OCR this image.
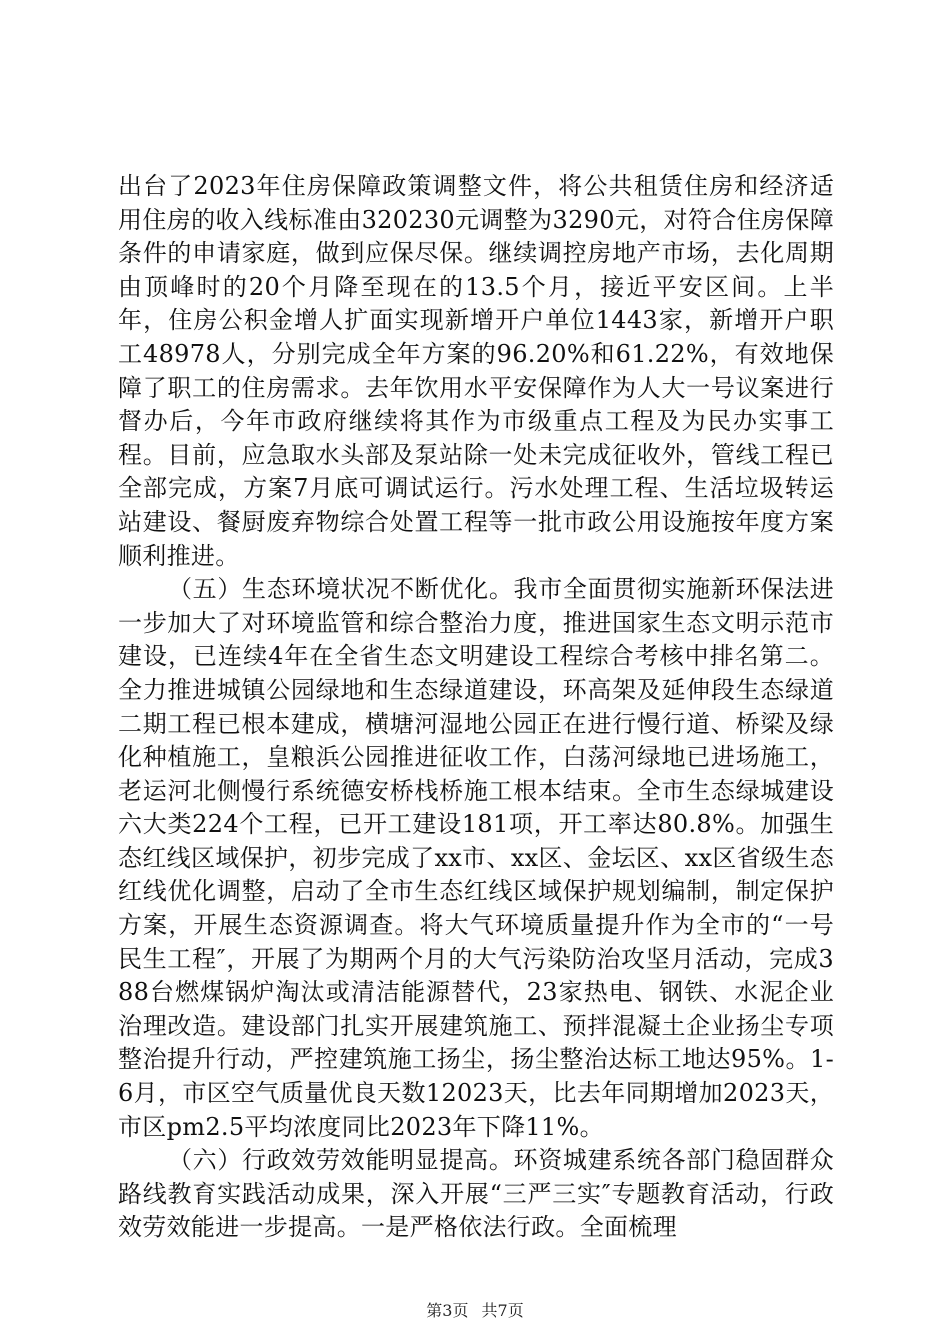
出台了2023年住房保障政策调整文件，将公共租赁住房和经济适用住房的收入线标准由320230元调整为3290元，对符合住房保障条件的申请家庭，做到应保尽保。继续调控房地产市场，去化周期由顶峰时的20个月降至现在的13.5个月，接近平安区间。上半年，住房公积金增人扩面实现新增开户单位1443家，新增开户职工48978人，分别完成全年方案的96.20%和61.22%，有效地保障了职工的住房需求。去年饮用水平安保障作为人大一号议案进行督办后，今年市政府继续将其作为市级重点工程及为民办实事工程。目前，应急取水头部及泵站除一处未完成征收外，管线工程已全部完成，方案7月底可调试运行。污水处理工程、生活垃圾转运站建设、餐厨废弃物综合处置工程等一批市政公用设施按年度方案顺利推进。

（五）生态环境状况不断优化。我市全面贯彻实施新环保法进一步加大了对环境监管和综合整治力度，推进国家生态文明示范市建设，已连续4年在全省生态文明建设工程综合考核中排名第二。全力推进城镇公园绿地和生态绿道建设，环高架及延伸段生态绿道二期工程已根本建成，横塘河湿地公园正在进行慢行道、桥梁及绿化种植施工，皇粮浜公园推进征收工作，白荡河绿地已进场施工，老运河北侧慢行系统德安桥栈桥施工根本结束。全市生态绿城建设六大类224个工程，已开工建设181项，开工率达80.8%。加强生态红线区域保护，初步完成了xx市、xx区、金坛区、xx区省级生态红线优化调整，启动了全市生态红线区域保护规划编制，制定保护方案，开展生态资源调查。将大气环境质量提升作为全市的“一号民生工程″，开展了为期两个月的大气污染防治攻坚月活动，完成388台燃煤锅炉淘汰或清洁能源替代，23家热电、钢铁、水泥企业治理改造。建设部门扎实开展建筑施工、预拌混凝土企业扬尘专项整治提升行动，严控建筑施工扬尘，扬尘整治达标工地达95%。1-6月，市区空气质量优良天数12023天，比去年同期增加2023天，市区pm2.5平均浓度同比2023年下降11%。

（六）行政效劳效能明显提高。环资城建系统各部门稳固群众路线教育实践活动成果，深入开展“三严三实″专题教育活动，行政效劳效能进一步提高。一是严格依法行政。全面梳理

第3页 共7页
